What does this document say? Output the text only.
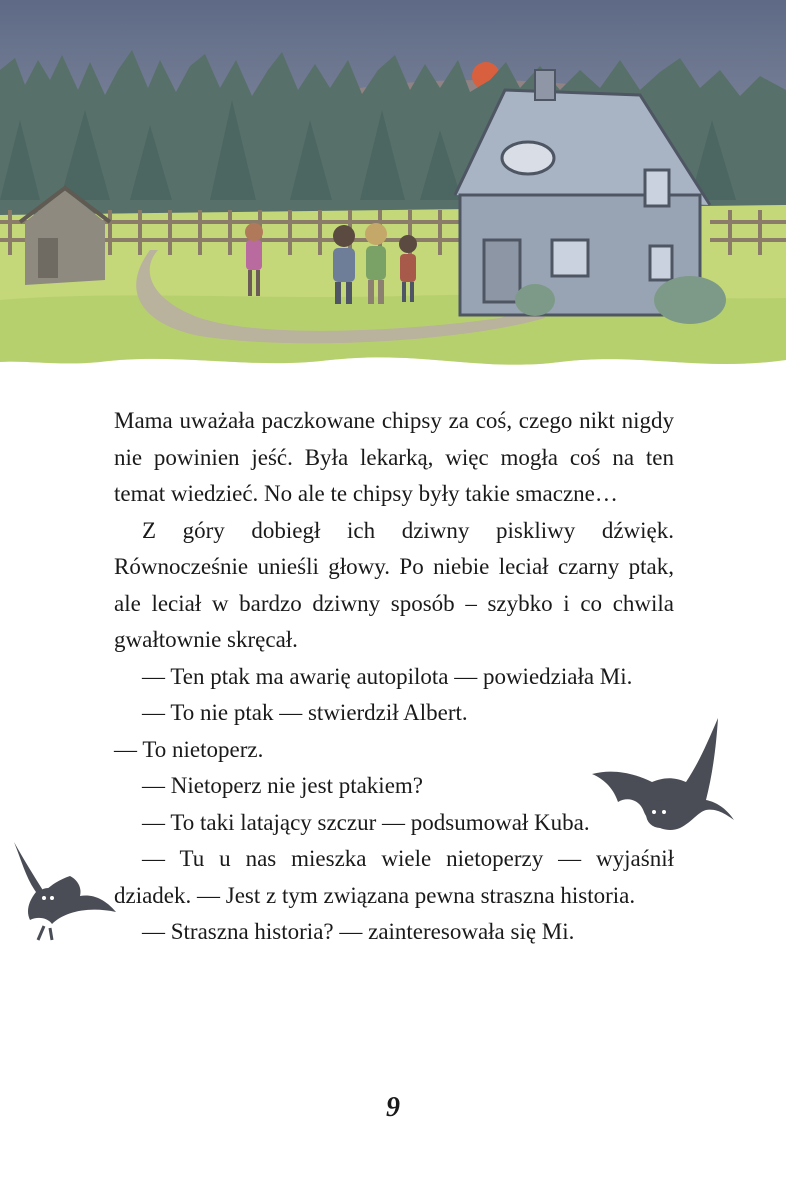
Mama uważała paczkowane chipsy za coś, czego nikt nigdy nie powinien jeść. Była lekarką, więc mogła coś na ten temat wiedzieć. No ale te chipsy były takie smaczne…

Z góry dobiegł ich dziwny piskliwy dźwięk. Równocześnie unieśli głowy. Po niebie leciał czarny ptak, ale leciał w bardzo dziwny sposób – szybko i co chwila gwałtownie skręcał.

— Ten ptak ma awarię autopilota — powiedziała Mi.

— To nie ptak — stwierdził Albert.

— To nietoperz.

— Nietoperz nie jest ptakiem?

— To taki latający szczur — podsumował Kuba.

— Tu u nas mieszka wiele nietoperzy — wyjaśnił dziadek. — Jest z tym związana pewna straszna historia.

— Straszna historia? — zainteresowała się Mi.

9
